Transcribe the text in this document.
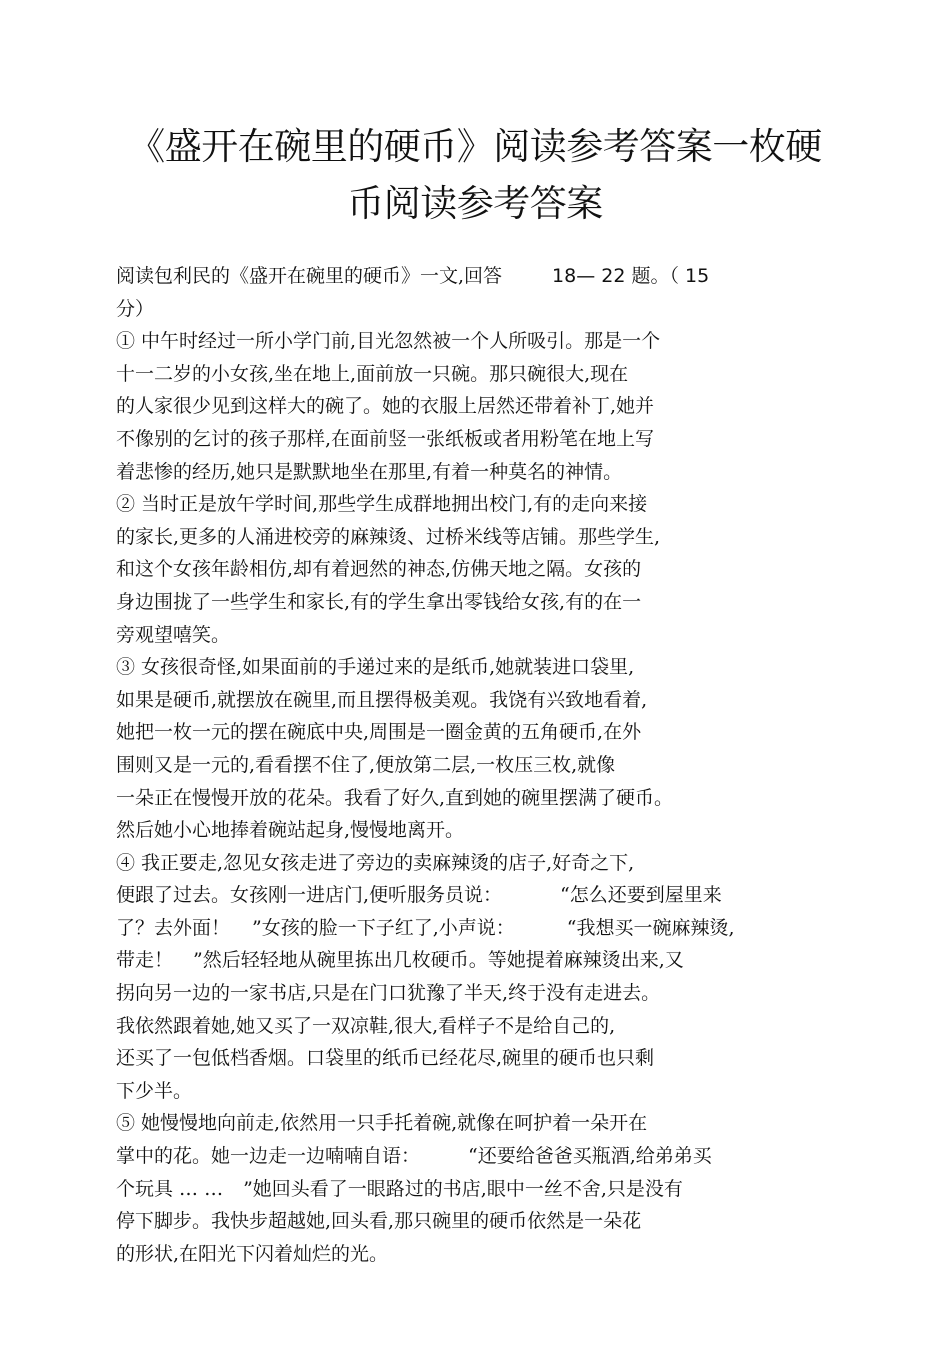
《盛开在碗里的硬币》阅读参考答案一枚硬
币阅读参考答案
阅读包利民的《盛开在碗里的硬币》一文,回答	18— 22 题。（ 15
分）
① 中午时经过一所小学门前,目光忽然被一个人所吸引。那是一个
十一二岁的小女孩,坐在地上,面前放一只碗。那只碗很大,现在
的人家很少见到这样大的碗了。她的衣服上居然还带着补丁,她并
不像别的乞讨的孩子那样,在面前竖一张纸板或者用粉笔在地上写
着悲惨的经历,她只是默默地坐在那里,有着一种莫名的神情。
② 当时正是放午学时间,那些学生成群地拥出校门,有的走向来接
的家长,更多的人涌进校旁的麻辣烫、过桥米线等店铺。那些学生,
和这个女孩年龄相仿,却有着迥然的神态,仿佛天地之隔。女孩的
身边围拢了一些学生和家长,有的学生拿出零钱给女孩,有的在一
旁观望嘻笑。
③ 女孩很奇怪,如果面前的手递过来的是纸币,她就装进口袋里,
如果是硬币,就摆放在碗里,而且摆得极美观。我饶有兴致地看着,
她把一枚一元的摆在碗底中央,周围是一圈金黄的五角硬币,在外
围则又是一元的,看看摆不住了,便放第二层,一枚压三枚,就像
一朵正在慢慢开放的花朵。我看了好久,直到她的碗里摆满了硬币。
然后她小心地捧着碗站起身,慢慢地离开。
④ 我正要走,忽见女孩走进了旁边的卖麻辣烫的店子,好奇之下,
便跟了过去。女孩刚一进店门,便听服务员说：	“怎么还要到屋里来
了？去外面！ ”女孩的脸一下子红了,小声说：	“我想买一碗麻辣烫,
带走！ ”然后轻轻地从碗里拣出几枚硬币。等她提着麻辣烫出来,又
拐向另一边的一家书店,只是在门口犹豫了半天,终于没有走进去。
我依然跟着她,她又买了一双凉鞋,很大,看样子不是给自己的,
还买了一包低档香烟。口袋里的纸币已经花尽,碗里的硬币也只剩
下少半。
⑤ 她慢慢地向前走,依然用一只手托着碗,就像在呵护着一朵开在
掌中的花。她一边走一边喃喃自语：	“还要给爸爸买瓶酒,给弟弟买
个玩具 … … ”她回头看了一眼路过的书店,眼中一丝不舍,只是没有
停下脚步。我快步超越她,回头看,那只碗里的硬币依然是一朵花
的形状,在阳光下闪着灿烂的光。
